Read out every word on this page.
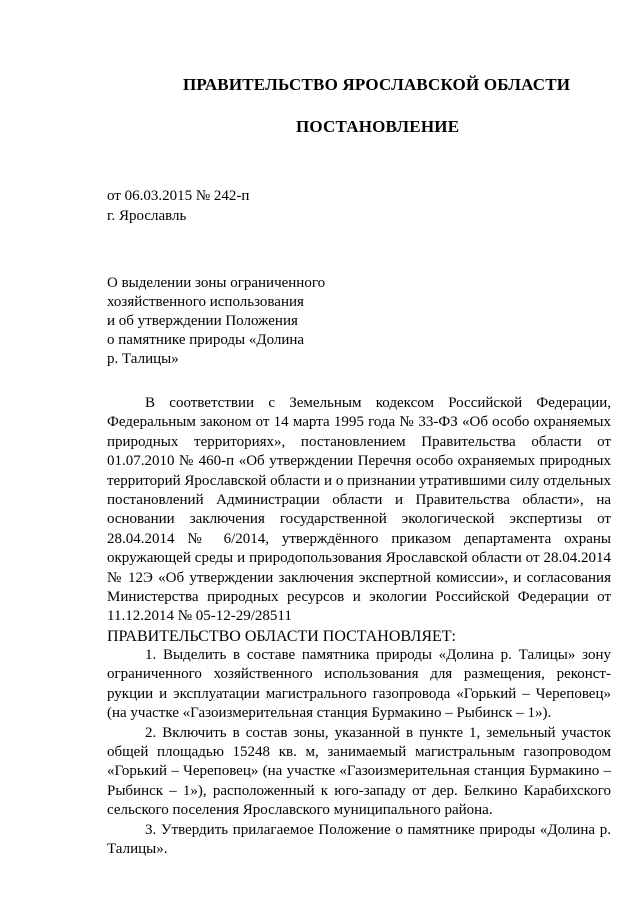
ПРАВИТЕЛЬСТВО ЯРОСЛАВСКОЙ ОБЛАСТИ
ПОСТАНОВЛЕНИЕ
от 06.03.2015 № 242-п
г. Ярославль
О выделении зоны ограниченного
хозяйственного использования
и об утверждении Положения
о памятнике природы «Долина
р. Талицы»

В соответствии с Земельным кодексом Российской Федерации, Федеральным законом от 14 марта 1995 года № 33-ФЗ «Об особо охраняемых природных территориях», постановлением Правительства области от 01.07.2010 № 460-п «Об утверждении Перечня особо охраняемых природных территорий Ярославской области и о признании утратившими силу отдельных постановлений Администрации области и Правительства области», на основании заключения государственной экологической экспертизы от 28.04.2014 № 6/2014, утверждённого приказом департамента охраны окружающей среды и природопользования Ярославской области от 28.04.2014 № 12Э «Об утверждении заключения экспертной комиссии», и согласования Министерства природных ресурсов и экологии Российской Федерации от 11.12.2014 № 05-12-29/28511

ПРАВИТЕЛЬСТВО ОБЛАСТИ ПОСТАНОВЛЯЕТ:

1. Выделить в составе памятника природы «Долина р. Талицы» зону ограниченного хозяйственного использования для размещения, реконст-рукции и эксплуатации магистрального газопровода «Горький – Череповец» (на участке «Газоизмерительная станция Бурмакино – Рыбинск – 1»).

2. Включить в состав зоны, указанной в пункте 1, земельный участок общей площадью 15248 кв. м, занимаемый магистральным газопроводом «Горький – Череповец» (на участке «Газоизмерительная станция Бурмакино – Рыбинск – 1»), расположенный к юго-западу от дер. Белкино Карабихского сельского поселения Ярославского муниципального района.

3. Утвердить прилагаемое Положение о памятнике природы «Долина р. Талицы».
